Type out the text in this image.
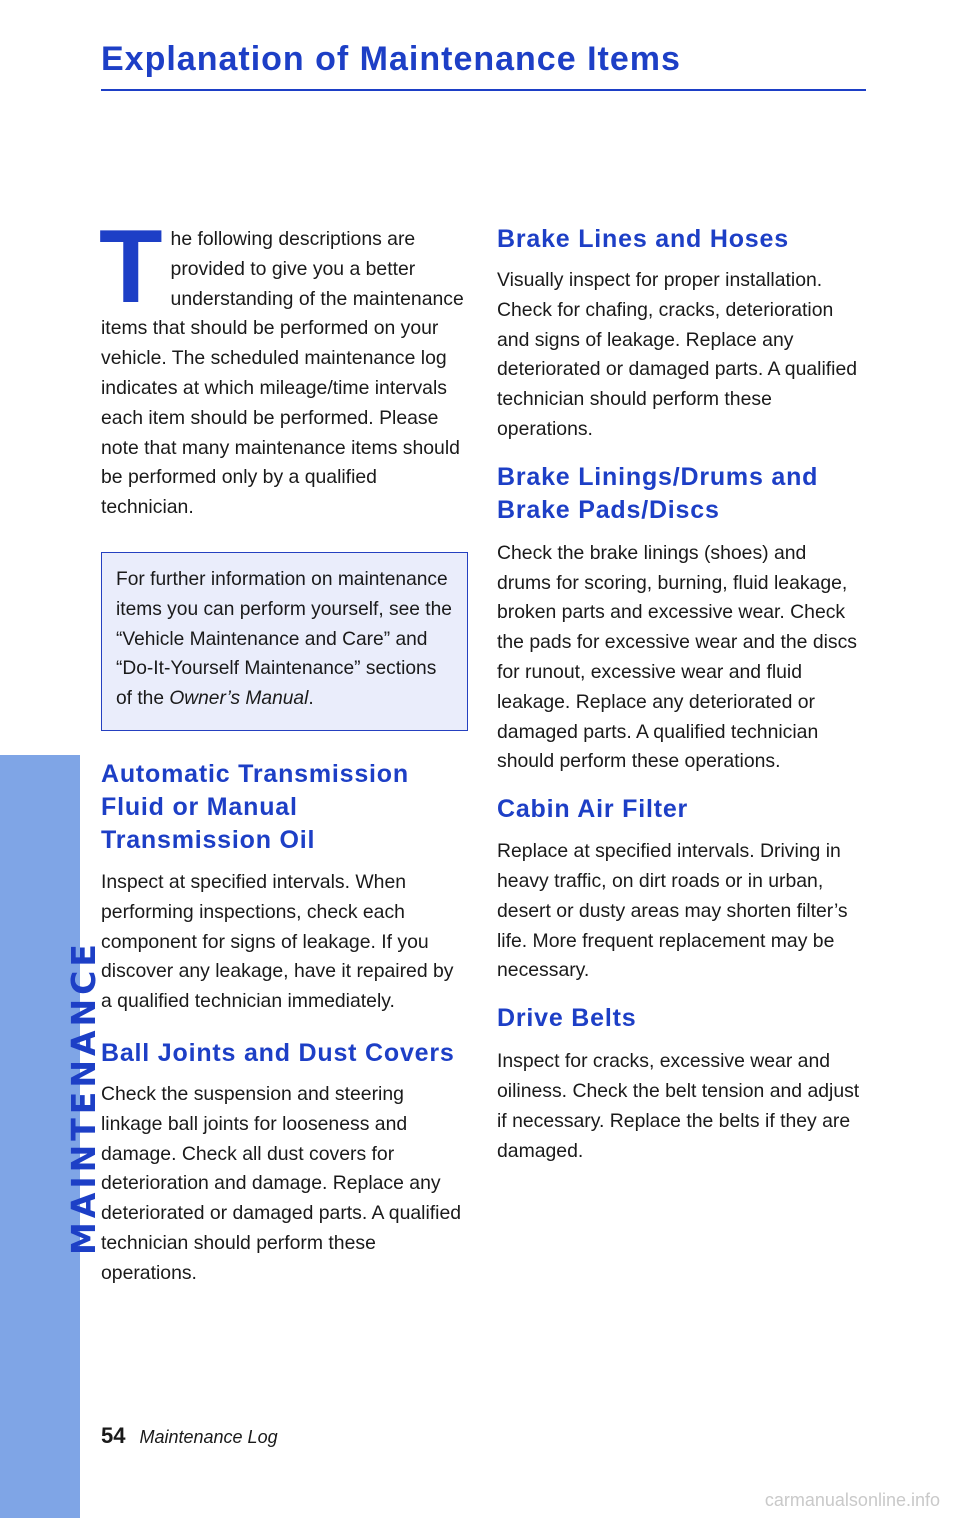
MAINTENANCE
Explanation of Maintenance Items

The following descriptions are provided to give you a better understanding of the maintenance items that should be performed on your vehicle. The scheduled maintenance log indicates at which mileage/time intervals each item should be performed. Please note that many maintenance items should be performed only by a qualified technician.

For further information on maintenance items you can perform yourself, see the “Vehicle Maintenance and Care” and “Do-It-Yourself Maintenance” sections of the Owner’s Manual.

Automatic Transmission Fluid or Manual Transmission Oil

Inspect at specified intervals. When performing inspections, check each component for signs of leakage. If you discover any leakage, have it repaired by a qualified technician immediately.

Ball Joints and Dust Covers

Check the suspension and steering linkage ball joints for looseness and damage. Check all dust covers for deterioration and damage. Replace any deteriorated or damaged parts. A qualified technician should perform these operations.

Brake Lines and Hoses

Visually inspect for proper installation. Check for chafing, cracks, deterioration and signs of leakage. Replace any deteriorated or damaged parts. A qualified technician should perform these operations.

Brake Linings/Drums and Brake Pads/Discs

Check the brake linings (shoes) and drums for scoring, burning, fluid leakage, broken parts and excessive wear. Check the pads for excessive wear and the discs for runout, excessive wear and fluid leakage. Replace any deteriorated or damaged parts. A qualified technician should perform these operations.

Cabin Air Filter

Replace at specified intervals. Driving in heavy traffic, on dirt roads or in urban, desert or dusty areas may shorten filter’s life. More frequent replacement may be necessary.

Drive Belts

Inspect for cracks, excessive wear and oiliness. Check the belt tension and adjust if necessary. Replace the belts if they are damaged.

54 Maintenance Log
carmanualsonline.info
